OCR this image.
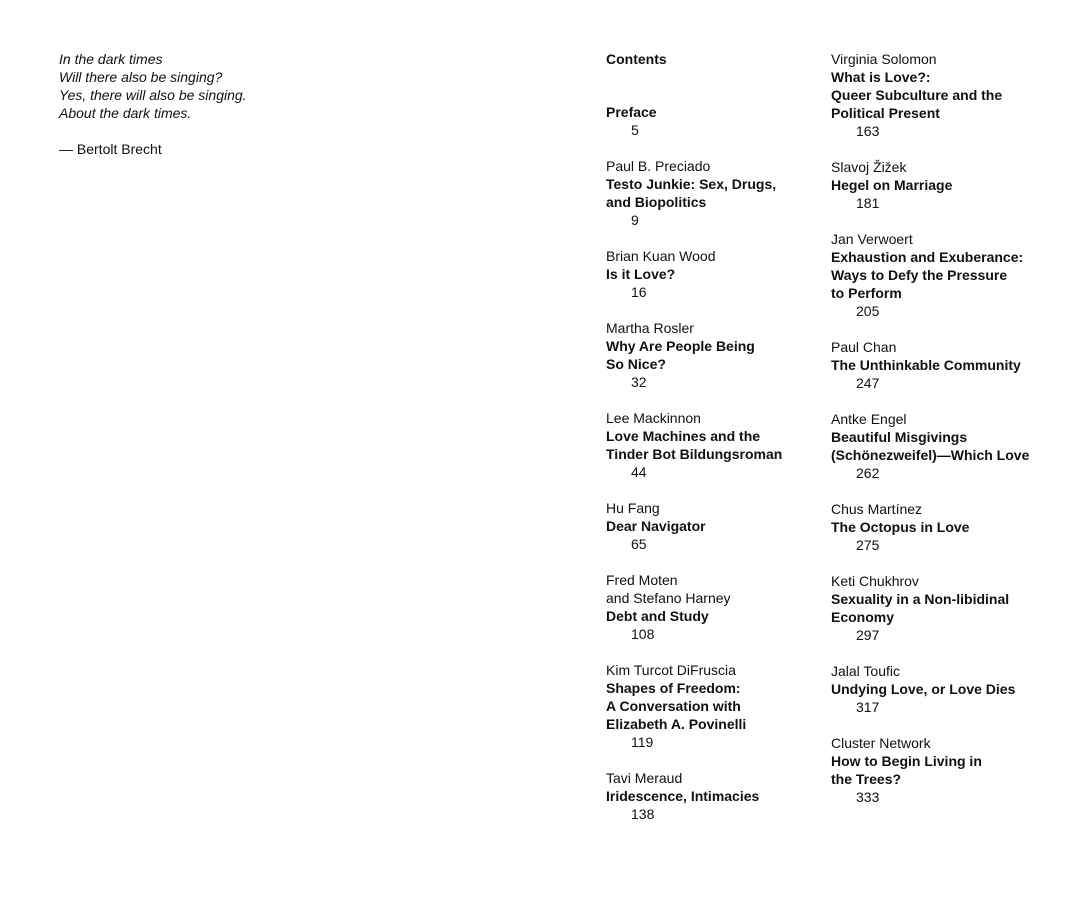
In the dark times
Will there also be singing?
Yes, there will also be singing.
About the dark times.
— Bertolt Brecht
Contents
Preface
5
Paul B. Preciado
Testo Junkie: Sex, Drugs,
and Biopolitics
9
Brian Kuan Wood
Is it Love?
16
Martha Rosler
Why Are People Being
So Nice?
32
Lee Mackinnon
Love Machines and the
Tinder Bot Bildungsroman
44
Hu Fang
Dear Navigator
65
Fred Moten
and Stefano Harney
Debt and Study
108
Kim Turcot DiFruscia
Shapes of Freedom:
A Conversation with
Elizabeth A. Povinelli
119
Tavi Meraud
Iridescence, Intimacies
138
Virginia Solomon
What is Love?:
Queer Subculture and the
Political Present
163
Slavoj Žižek
Hegel on Marriage
181
Jan Verwoert
Exhaustion and Exuberance:
Ways to Defy the Pressure
to Perform
205
Paul Chan
The Unthinkable Community
247
Antke Engel
Beautiful Misgivings
(Schönezweifel)—Which Love
262
Chus Martínez
The Octopus in Love
275
Keti Chukhrov
Sexuality in a Non-libidinal
Economy
297
Jalal Toufic
Undying Love, or Love Dies
317
Cluster Network
How to Begin Living in
the Trees?
333
